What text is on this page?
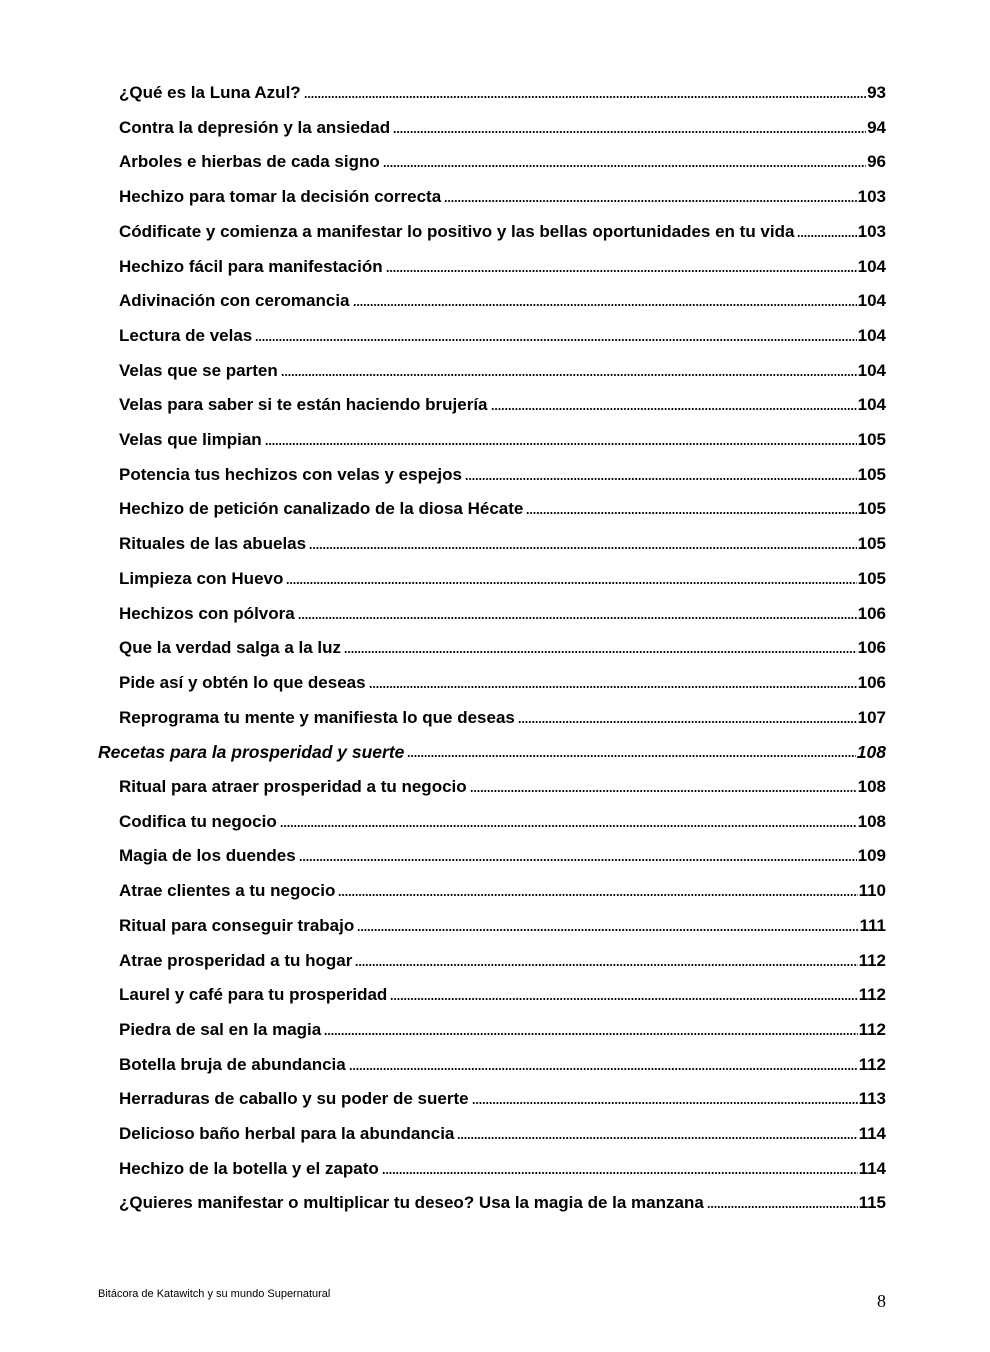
¿Qué es la Luna Azul?	93
Contra la depresión y la ansiedad	94
Arboles e hierbas de cada signo	96
Hechizo para tomar la decisión correcta	103
Códificate y comienza a manifestar lo positivo y las bellas oportunidades en tu vida	103
Hechizo fácil para manifestación	104
Adivinación con ceromancia	104
Lectura de velas	104
Velas que se parten	104
Velas para saber si te están haciendo brujería	104
Velas que limpian	105
Potencia tus hechizos con velas y espejos	105
Hechizo de petición canalizado de la diosa Hécate	105
Rituales de las abuelas	105
Limpieza con Huevo	105
Hechizos con pólvora	106
Que la verdad salga a la luz	106
Pide así y obtén lo que deseas	106
Reprograma tu mente y manifiesta lo que deseas	107
Recetas para la prosperidad y suerte	108
Ritual para atraer prosperidad a tu negocio	108
Codifica tu negocio	108
Magia de los duendes	109
Atrae clientes a tu negocio	110
Ritual para conseguir trabajo	111
Atrae prosperidad a tu hogar	112
Laurel y café para tu prosperidad	112
Piedra de sal en la magia	112
Botella bruja de abundancia	112
Herraduras de caballo y su poder de suerte	113
Delicioso baño herbal para la abundancia	114
Hechizo de la botella y el zapato	114
¿Quieres manifestar o multiplicar tu deseo? Usa la magia de la manzana	115
Bitácora de Katawitch y su mundo Supernatural	8
